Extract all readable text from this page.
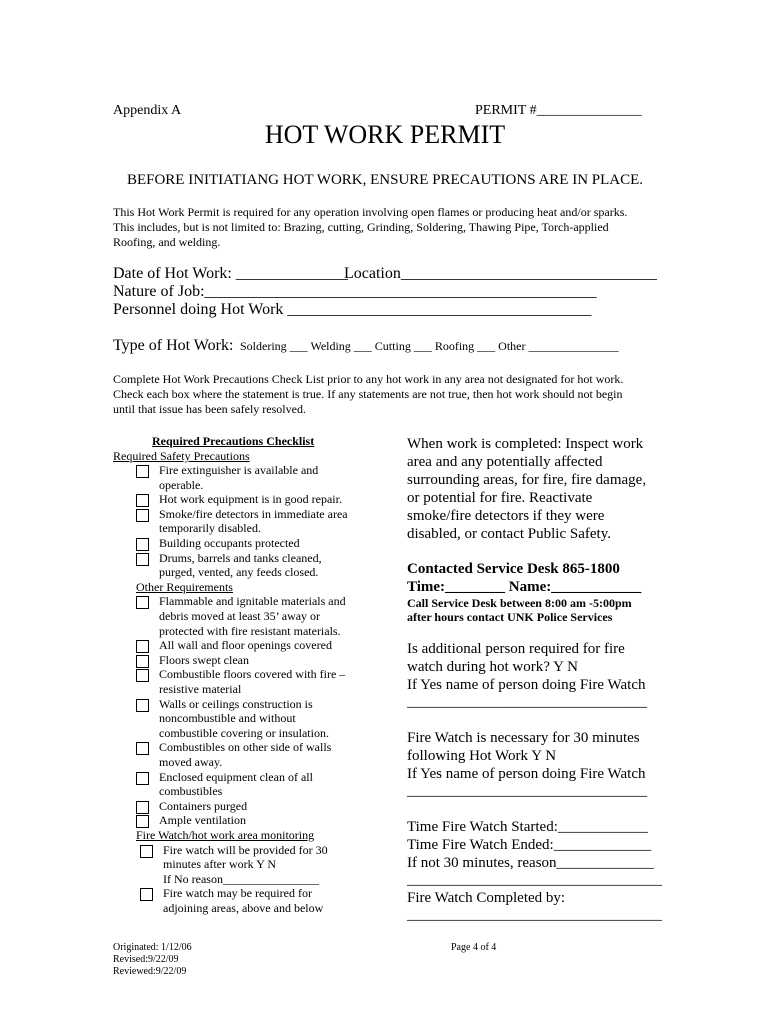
Appendix A	PERMIT #_______________
HOT WORK PERMIT
BEFORE INITIATIANG HOT WORK, ENSURE PRECAUTIONS ARE IN PLACE.
This Hot Work Permit is required for any operation involving open flames or producing heat and/or sparks.
This includes, but is not limited to: Brazing, cutting, Grinding, Soldering, Thawing Pipe, Torch-applied
Roofing, and welding.
Date of Hot Work: ______________
Location________________________________
Nature of Job:_________________________________________________
Personnel doing Hot Work ______________________________________
Type of Hot Work: Soldering ___ Welding ___ Cutting ___ Roofing ___ Other _______________
Complete Hot Work Precautions Check List prior to any hot work in any area not designated for hot work.
Check each box where the statement is true. If any statements are not true, then hot work should not begin
until that issue has been safely resolved.
Required Precautions Checklist
Required Safety Precautions
Fire extinguisher is available and
operable.
Hot work equipment is in good repair.
Smoke/fire detectors in immediate area
temporarily disabled.
Building occupants protected
Drums, barrels and tanks cleaned,
purged, vented, any feeds closed.
Other Requirements
Flammable and ignitable materials and
debris moved at least 35’ away or
protected with fire resistant materials.
All wall and floor openings covered
Floors swept clean
Combustible floors covered with fire –
resistive material
Walls or ceilings construction is
noncombustible and without
combustible covering or insulation.
Combustibles on other side of walls
moved away.
Enclosed equipment clean of all
combustibles
Containers purged
Ample ventilation
Fire Watch/hot work area monitoring
Fire watch will be provided for 30
minutes after work Y N
If No reason________________
Fire watch may be required for
adjoining areas, above and below
When work is completed: Inspect work
area and any potentially affected
surrounding areas, for fire, fire damage,
or potential for fire. Reactivate
smoke/fire detectors if they were
disabled, or contact Public Safety.
Contacted Service Desk 865-1800
Time:________ Name:____________
Call Service Desk between 8:00 am -5:00pm
after hours contact UNK Police Services
Is additional person required for fire
watch during hot work? Y N
If Yes name of person doing Fire Watch
________________________________
Fire Watch is necessary for 30 minutes
following Hot Work Y N
If Yes name of person doing Fire Watch
________________________________
Time Fire Watch Started:____________
Time Fire Watch Ended:_____________
If not 30 minutes, reason_____________
__________________________________
Fire Watch Completed by:
__________________________________
Originated: 1/12/06
Revised:9/22/09
Reviewed:9/22/09
Page 4 of 4
